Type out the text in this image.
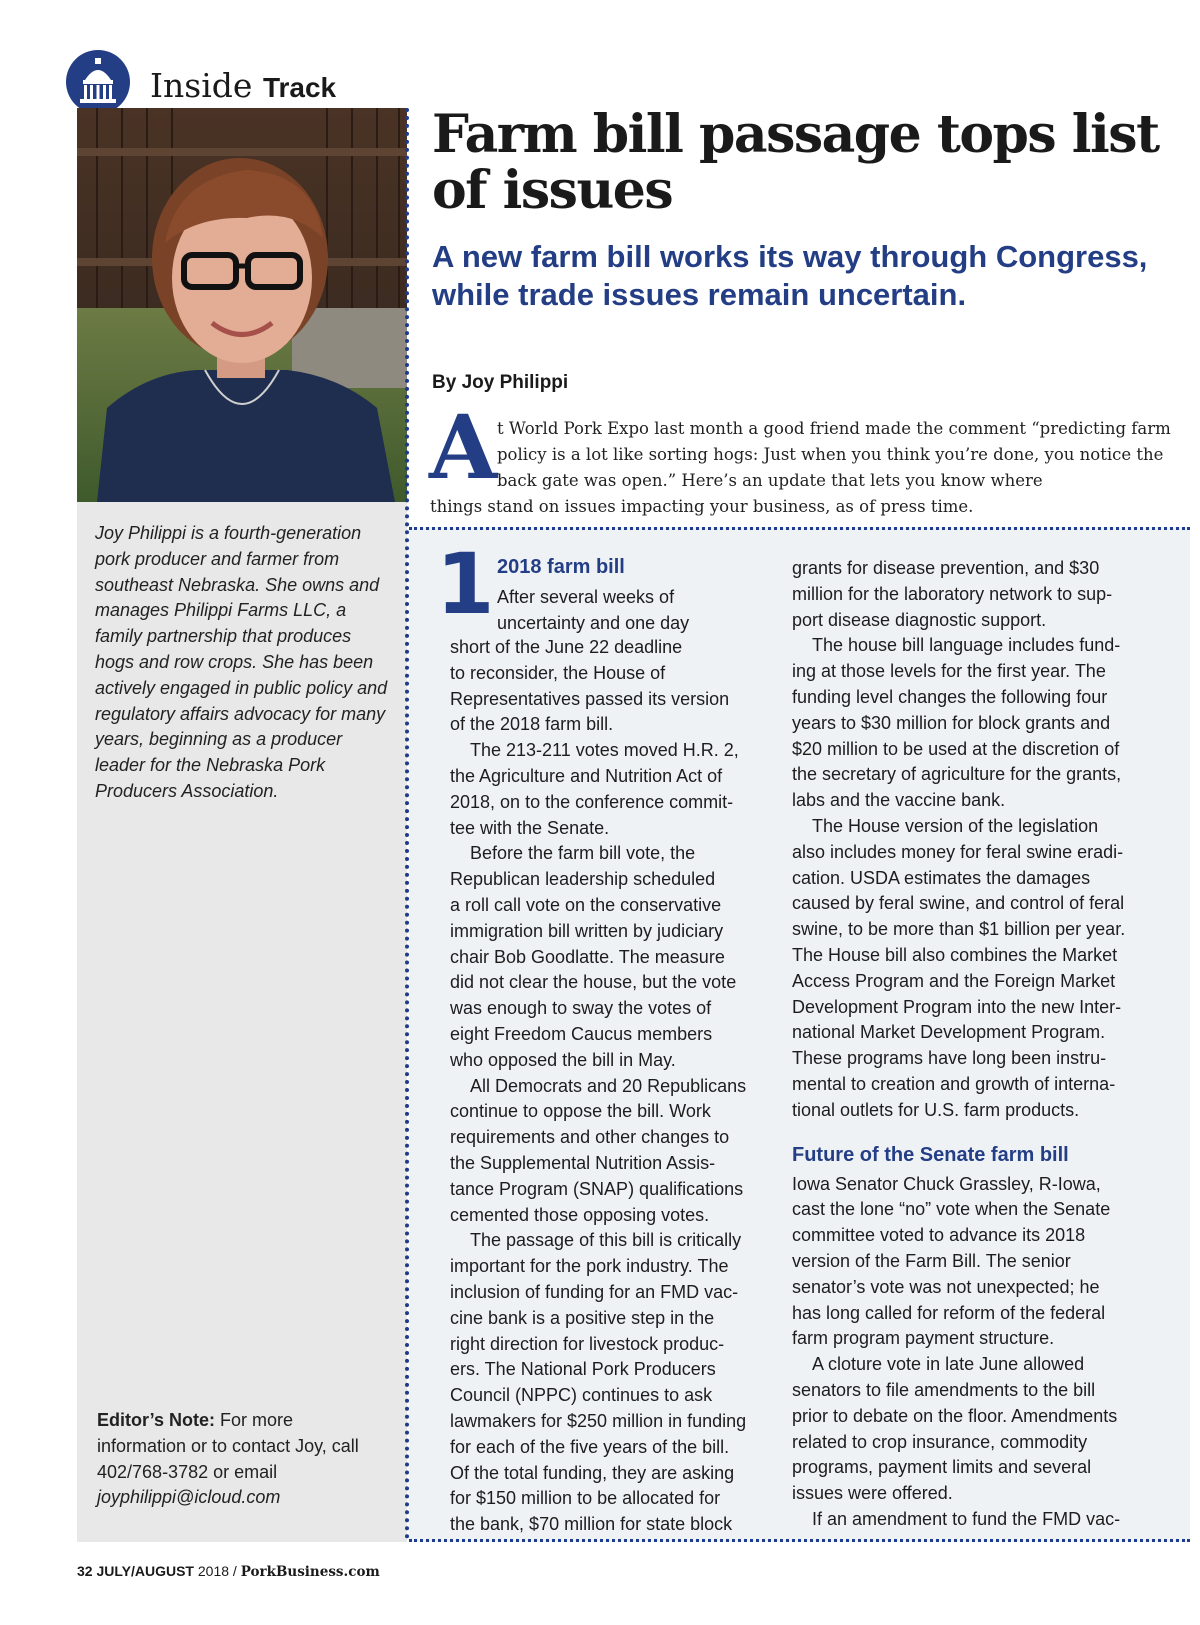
Inside Track
Joy Philippi is a fourth-generation pork producer and farmer from southeast Nebraska. She owns and manages Philippi Farms LLC, a family partnership that produces hogs and row crops. She has been actively engaged in public policy and regulatory affairs advocacy for many years, beginning as a producer leader for the Nebraska Pork Producers Association.
Editor’s Note: For more information or to contact Joy, call 402/768-3782 or email joyphilippi@icloud.com
Farm bill passage tops list of issues
A new farm bill works its way through Congress, while trade issues remain uncertain.
By Joy Philippi
A t World Pork Expo last month a good friend made the comment “predicting farm policy is a lot like sorting hogs: Just when you think you’re done, you notice the back gate was open.” Here’s an update that lets you know where
things stand on issues impacting your business, as of press time.
1 2018 farm bill
After several weeks of
uncertainty and one day
short of the June 22 deadline
to reconsider, the House of
Representatives passed its version
of the 2018 farm bill.
The 213-211 votes moved H.R. 2,
the Agriculture and Nutrition Act of
2018, on to the conference commit-
tee with the Senate.
Before the farm bill vote, the
Republican leadership scheduled
a roll call vote on the conservative
immigration bill written by judiciary
chair Bob Goodlatte. The measure
did not clear the house, but the vote
was enough to sway the votes of
eight Freedom Caucus members
who opposed the bill in May.
All Democrats and 20 Republicans
continue to oppose the bill. Work
requirements and other changes to
the Supplemental Nutrition Assis-
tance Program (SNAP) qualifications
cemented those opposing votes.
The passage of this bill is critically
important for the pork industry. The
inclusion of funding for an FMD vac-
cine bank is a positive step in the
right direction for livestock produc-
ers. The National Pork Producers
Council (NPPC) continues to ask
lawmakers for $250 million in funding
for each of the five years of the bill.
Of the total funding, they are asking
for $150 million to be allocated for
the bank, $70 million for state block
grants for disease prevention, and $30
million for the laboratory network to sup-
port disease diagnostic support.
The house bill language includes fund-
ing at those levels for the first year. The
funding level changes the following four
years to $30 million for block grants and
$20 million to be used at the discretion of
the secretary of agriculture for the grants,
labs and the vaccine bank.
The House version of the legislation
also includes money for feral swine eradi-
cation. USDA estimates the damages
caused by feral swine, and control of feral
swine, to be more than $1 billion per year.
The House bill also combines the Market
Access Program and the Foreign Market
Development Program into the new Inter-
national Market Development Program.
These programs have long been instru-
mental to creation and growth of interna-
tional outlets for U.S. farm products.
Future of the Senate farm bill
Iowa Senator Chuck Grassley, R-Iowa,
cast the lone “no” vote when the Senate
committee voted to advance its 2018
version of the Farm Bill. The senior
senator’s vote was not unexpected; he
has long called for reform of the federal
farm program payment structure.
A cloture vote in late June allowed
senators to file amendments to the bill
prior to debate on the floor. Amendments
related to crop insurance, commodity
programs, payment limits and several
issues were offered.
If an amendment to fund the FMD vac-
32 JULY/AUGUST 2018 / PorkBusiness.com
